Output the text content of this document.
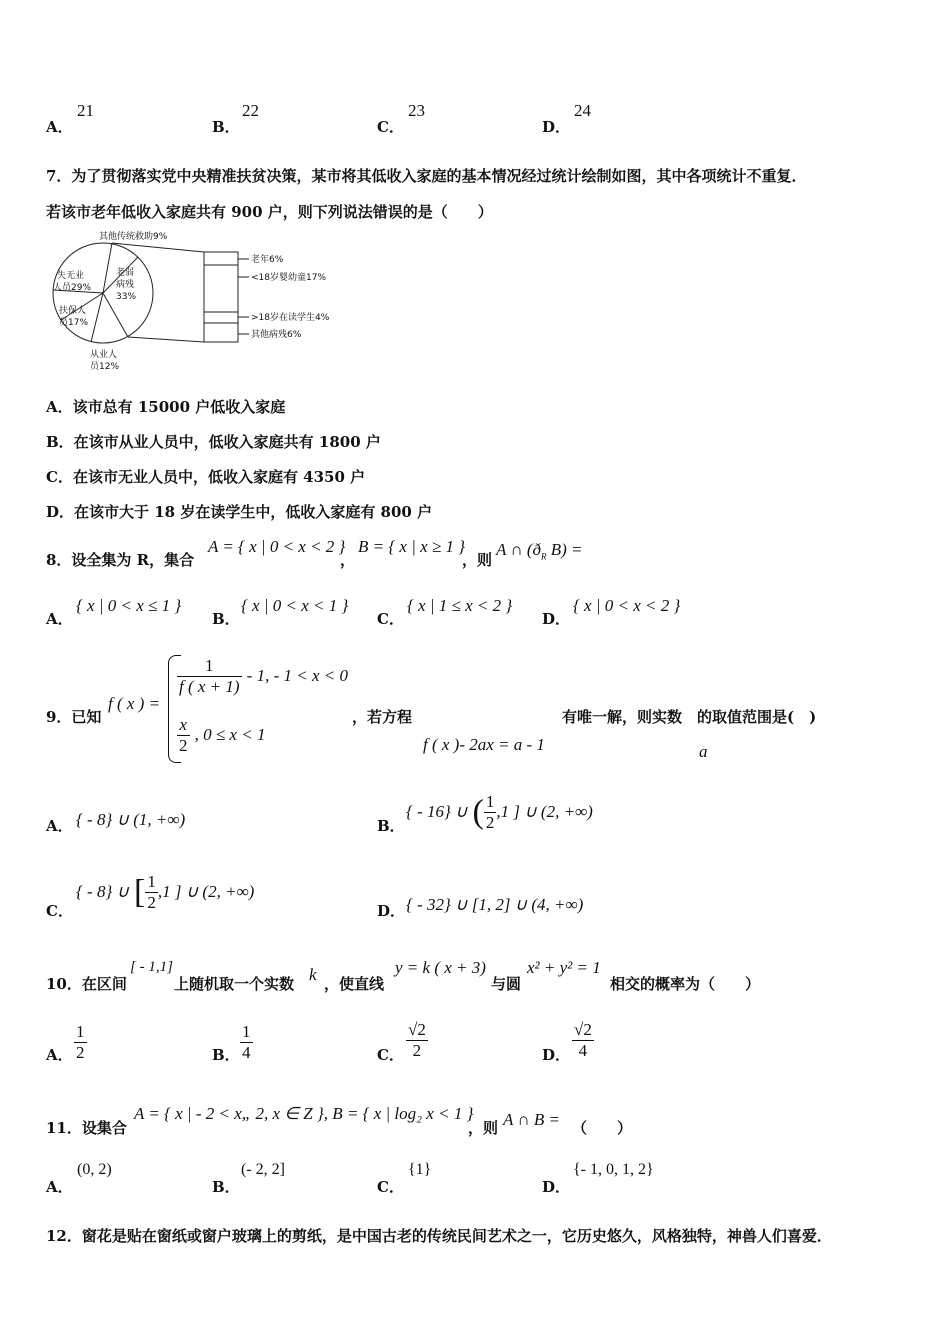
A．
21
B．
22
C．
23
D．
24
7．为了贯彻落实党中央精准扶贫决策，某市将其低收入家庭的基本情况经过统计绘制如图，其中各项统计不重复．
若该市老年低收入家庭共有 900 户，则下列说法错误的是（　　）
其他传统救助9%
失无业
人员29%
老弱
病残
33%
扶保人
员17%
从业人
员12%
老年6%
<18岁婴幼童17%
>18岁在读学生4%
其他病残6%
A．该市总有 15000 户低收入家庭
B．在该市从业人员中，低收入家庭共有 1800 户
C．在该市无业人员中，低收入家庭有 4350 户
D．在该市大于 18 岁在读学生中，低收入家庭有 800 户
8．设全集为 R，集合
A = { x | 0 < x < 2 }
，
B = { x | x ≥ 1 }
，则
A ∩ ($ð_R$ B) =
A．
{ x | 0 < x ≤ 1 }
B．
{ x | 0 < x < 1 }
C．
{ x | 1 ≤ x < 2 }
D．
{ x | 0 < x < 2 }
9．已知
f ( x ) =
$\frac{1}{f ( x + 1)} - 1$, - 1 < x < 0
$\frac{x}{2}$ , 0 ≤ x < 1
，若方程
f ( x )- 2ax = a - 1
有唯一解，则实数　的取值范围是(　)
a
A． { - 8} ∪ (1, +∞)	B．
{ - 16} ∪ ( $\frac{1}{2} ,1$ ] ∪ (2, +∞)
C．
{ - 8} ∪ [ $\frac{1}{2} ,1$ ] ∪ (2, +∞)
D． { - 32} ∪ [1, 2] ∪ (4, +∞)
10．在区间
[ - 1,1]
上随机取一个实数 k ，使直线
y = k ( x + 3)
与圆
x² + y² = 1
相交的概率为（　　）
A． $\frac{1}{2}$	B． $\frac{1}{4}$	C． $\frac{√2}{2}$	D． $\frac{√2}{4}$
11．设集合
A = { x | - 2 < x„ 2, x ∈ Z }, B = { x | log₂ x < 1 }
，则 A ∩ B = （　　）
A．
(0, 2)
B．
(- 2, 2]
C．
{1}
D．
{- 1, 0, 1, 2}
12．窗花是贴在窗纸或窗户玻璃上的剪纸，是中国古老的传统民间艺术之一，它历史悠久，风格独特，神兽人们喜爱．
